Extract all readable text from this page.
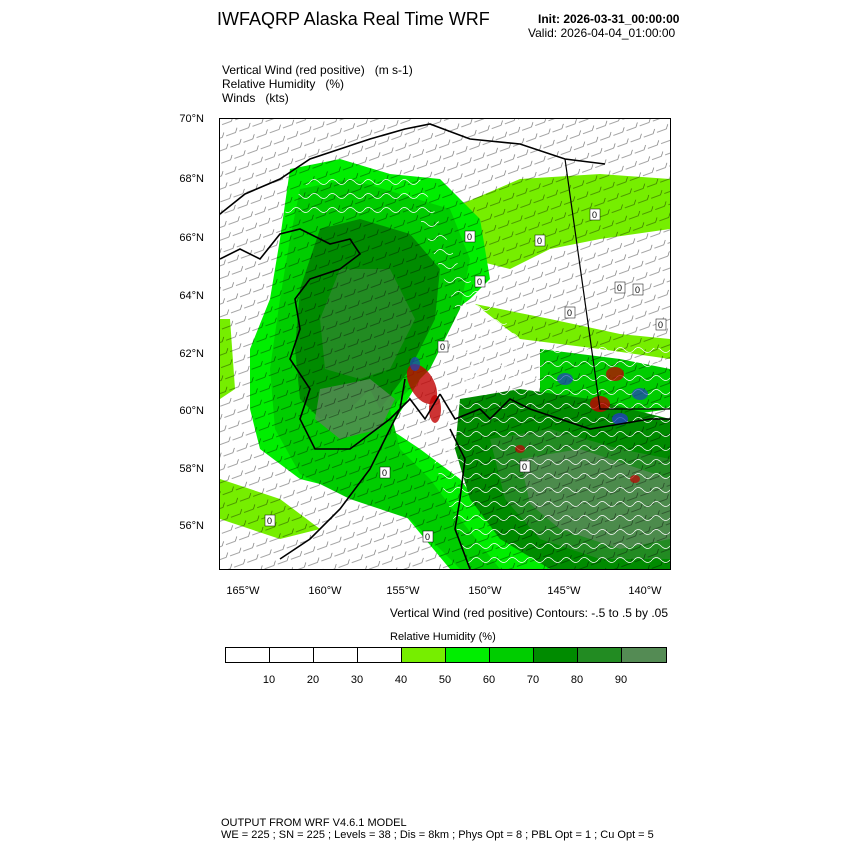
IWFAQRP Alaska Real Time WRF	Init: 2026-03-31_00:00:00
Valid: 2026-04-04_01:00:00
Vertical Wind (red positive) (m s-1)
Relative Humidity (%)
Winds (kts)
70°N
68°N
66°N
64°N
62°N
60°N
58°N
56°N
165°W	160°W	155°W	150°W	145°W	140°W
0
0
0
0 0
0
0
0
0
0
0
0
0
Vertical Wind (red positive) Contours: -.5 to .5 by .05
Relative Humidity (%)
10	20	30	40	50	60	70	80	90
OUTPUT FROM WRF V4.6.1 MODEL
WE = 225 ; SN = 225 ; Levels = 38 ; Dis = 8km ; Phys Opt = 8 ; PBL Opt = 1 ; Cu Opt = 5
